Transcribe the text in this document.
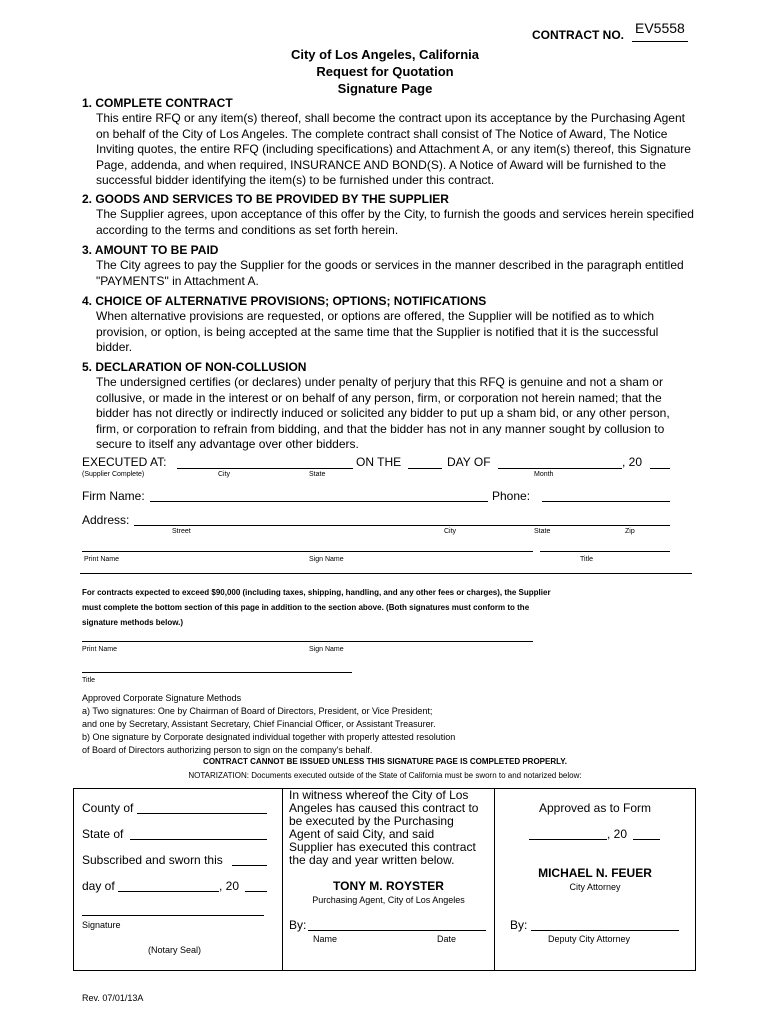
CONTRACT NO. EV5558
City of Los Angeles, California
Request for Quotation
Signature Page

1. COMPLETE CONTRACT

This entire RFQ or any item(s) thereof, shall become the contract upon its acceptance by the Purchasing Agent on behalf of the City of Los Angeles. The complete contract shall consist of The Notice of Award, The Notice Inviting quotes, the entire RFQ (including specifications) and Attachment A, or any item(s) thereof, this Signature Page, addenda, and when required, INSURANCE AND BOND(S). A Notice of Award will be furnished to the successful bidder identifying the item(s) to be furnished under this contract.

2. GOODS AND SERVICES TO BE PROVIDED BY THE SUPPLIER

The Supplier agrees, upon acceptance of this offer by the City, to furnish the goods and services herein specified according to the terms and conditions as set forth herein.

3. AMOUNT TO BE PAID

The City agrees to pay the Supplier for the goods or services in the manner described in the paragraph entitled "PAYMENTS" in Attachment A.

4. CHOICE OF ALTERNATIVE PROVISIONS; OPTIONS; NOTIFICATIONS

When alternative provisions are requested, or options are offered, the Supplier will be notified as to which provision, or option, is being accepted at the same time that the Supplier is notified that it is the successful bidder.

5. DECLARATION OF NON-COLLUSION

The undersigned certifies (or declares) under penalty of perjury that this RFQ is genuine and not a sham or collusive, or made in the interest or on behalf of any person, firm, or corporation not herein named; that the bidder has not directly or indirectly induced or solicited any bidder to put up a sham bid, or any other person, firm, or corporation to refrain from bidding, and that the bidder has not in any manner sought by collusion to secure to itself any advantage over other bidders.

EXECUTED AT:	ON THE	DAY OF	, 20
(Supplier Complete)	City	State	Month
Firm Name:	Phone:
Address:
Street	City	State	Zip
Print Name	Sign Name	Title
For contracts expected to exceed $90,000 (including taxes, shipping, handling, and any other fees or charges), the Supplier
must complete the bottom section of this page in addition to the section above. (Both signatures must conform to the
signature methods below.)
Print Name	Sign Name
Title
Approved Corporate Signature Methods
a) Two signatures: One by Chairman of Board of Directors, President, or Vice President;
and one by Secretary, Assistant Secretary, Chief Financial Officer, or Assistant Treasurer.
b) One signature by Corporate designated individual together with properly attested resolution
of Board of Directors authorizing person to sign on the company's behalf.
CONTRACT CANNOT BE ISSUED UNLESS THIS SIGNATURE PAGE IS COMPLETED PROPERLY.
NOTARIZATION: Documents executed outside of the State of California must be sworn to and notarized below:
County of
State of
Subscribed and sworn this
day of	, 20
Signature
(Notary Seal)
In witness whereof the City of Los
Angeles has caused this contract to
be executed by the Purchasing
Agent of said City, and said
Supplier has executed this contract
the day and year written below.
TONY M. ROYSTER
Purchasing Agent, City of Los Angeles
By:
Name	Date
Approved as to Form
, 20
MICHAEL N. FEUER
City Attorney
By:
Deputy City Attorney
Rev. 07/01/13A
